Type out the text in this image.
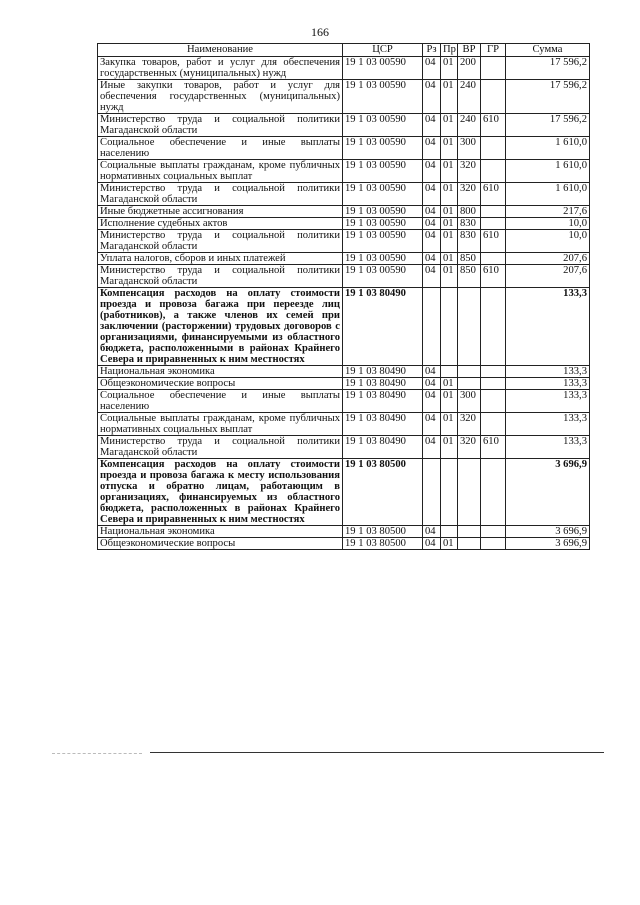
166
Наименование	ЦСР	Рз	Пр	ВР	ГР	Сумма
Закупка товаров, работ и услуг для обеспечения государственных (муниципальных) нужд	19 1 03 00590	04	01	200		17 596,2
Иные закупки товаров, работ и услуг для обеспечения государственных (муниципальных) нужд	19 1 03 00590	04	01	240		17 596,2
Министерство труда и социальной политики Магаданской области	19 1 03 00590	04	01	240	610	17 596,2
Социальное обеспечение и иные выплаты населению	19 1 03 00590	04	01	300		1 610,0
Социальные выплаты гражданам, кроме публичных нормативных социальных выплат	19 1 03 00590	04	01	320		1 610,0
Министерство труда и социальной политики Магаданской области	19 1 03 00590	04	01	320	610	1 610,0
Иные бюджетные ассигнования	19 1 03 00590	04	01	800		217,6
Исполнение судебных актов	19 1 03 00590	04	01	830		10,0
Министерство труда и социальной политики Магаданской области	19 1 03 00590	04	01	830	610	10,0
Уплата налогов, сборов и иных платежей	19 1 03 00590	04	01	850		207,6
Министерство труда и социальной политики Магаданской области	19 1 03 00590	04	01	850	610	207,6
Компенсация расходов на оплату стоимости проезда и провоза багажа при переезде лиц (работников), а также членов их семей при заключении (расторжении) трудовых договоров с организациями, финансируемыми из областного бюджета, расположенными в районах Крайнего Севера и приравненных к ним местностях	19 1 03 80490					133,3
Национальная экономика	19 1 03 80490	04				133,3
Общеэкономические вопросы	19 1 03 80490	04	01			133,3
Социальное обеспечение и иные выплаты населению	19 1 03 80490	04	01	300		133,3
Социальные выплаты гражданам, кроме публичных нормативных социальных выплат	19 1 03 80490	04	01	320		133,3
Министерство труда и социальной политики Магаданской области	19 1 03 80490	04	01	320	610	133,3
Компенсация расходов на оплату стоимости проезда и провоза багажа к месту использования отпуска и обратно лицам, работающим в организациях, финансируемых из областного бюджета, расположенных в районах Крайнего Севера и приравненных к ним местностях	19 1 03 80500					3 696,9
Национальная экономика	19 1 03 80500	04				3 696,9
Общеэкономические вопросы	19 1 03 80500	04	01			3 696,9
